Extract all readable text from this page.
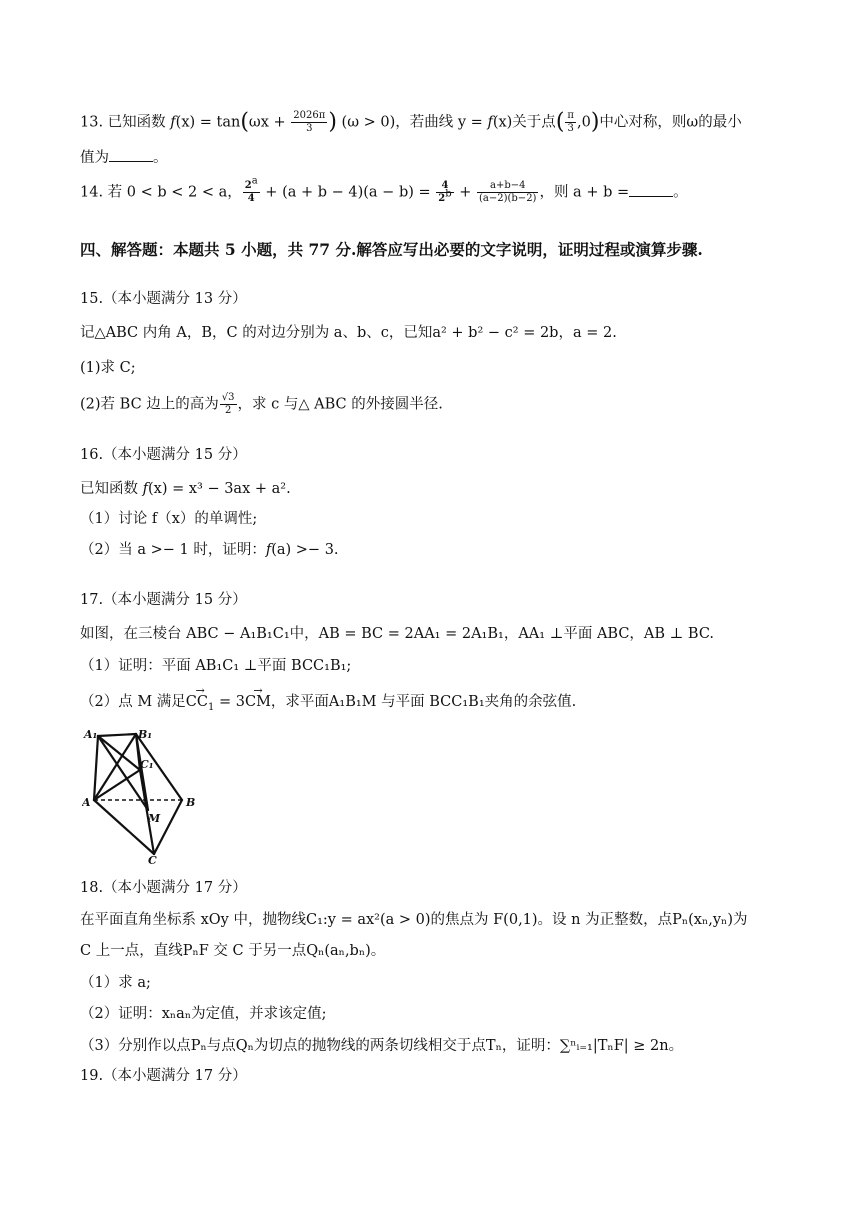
13. 已知函数 $f(x) = \tan(\omega x + \frac{2026\pi}{3}$ ) (ω > 0)，若曲线 y = f(x)关于点( $\frac{\pi}{3} ,0$)中心对称，则ω的最小
值为	。
14. 若 0 < b < 2 < a， $\frac{2^a}{4} + (a + b - 4)(a - b) = \frac{4}{2^b} + \frac{a+b-4}{(a-2)(b-2)}$ ，则 a + b =	。
四、解答题：本题共 5 小题，共 77 分.解答应写出必要的文字说明，证明过程或演算步骤.
15.（本小题满分 13 分）
记△ABC 内角 A，B，C 的对边分别为 a、b、c，已知a² + b² − c² = 2b，a = 2.
(1)求 C;
(2)若 BC 边上的高为 $\frac{√3}{2}$ ，求 c 与△ ABC 的外接圆半径.
16.（本小题满分 15 分）
已知函数 f(x) = x³ − 3ax + a².
（1）讨论 f（x）的单调性;
（2）当 a >− 1 时，证明：f(a) >− 3.
17.（本小题满分 15 分）
如图，在三棱台 ABC − A₁B₁C₁中，AB = BC = 2AA₁ = 2A₁B₁，AA₁ ⊥平面 ABC，AB ⊥ BC.
（1）证明：平面 AB₁C₁ ⊥平面 BCC₁B₁;
（2）点 M 满足→ $CC_1 = 3\to$ CM，求平面A₁B₁M 与平面 BCC₁B₁夹角的余弦值.
A₁	B₁
C₁
A	B
C
M
18.（本小题满分 17 分）
在平面直角坐标系 xOy 中，抛物线C₁:y = ax²(a > 0)的焦点为 F(0,1)。设 n 为正整数，点Pₙ(xₙ,yₙ)为
C 上一点，直线PₙF 交 C 于另一点Qₙ(aₙ,bₙ)。
（1）求 a;
（2）证明：xₙaₙ为定值，并求该定值;
（3）分别作以点Pₙ与点Qₙ为切点的抛物线的两条切线相交于点Tₙ，证明：∑ⁿᵢ₌₁|TₙF| ≥ 2n。
19.（本小题满分 17 分）
